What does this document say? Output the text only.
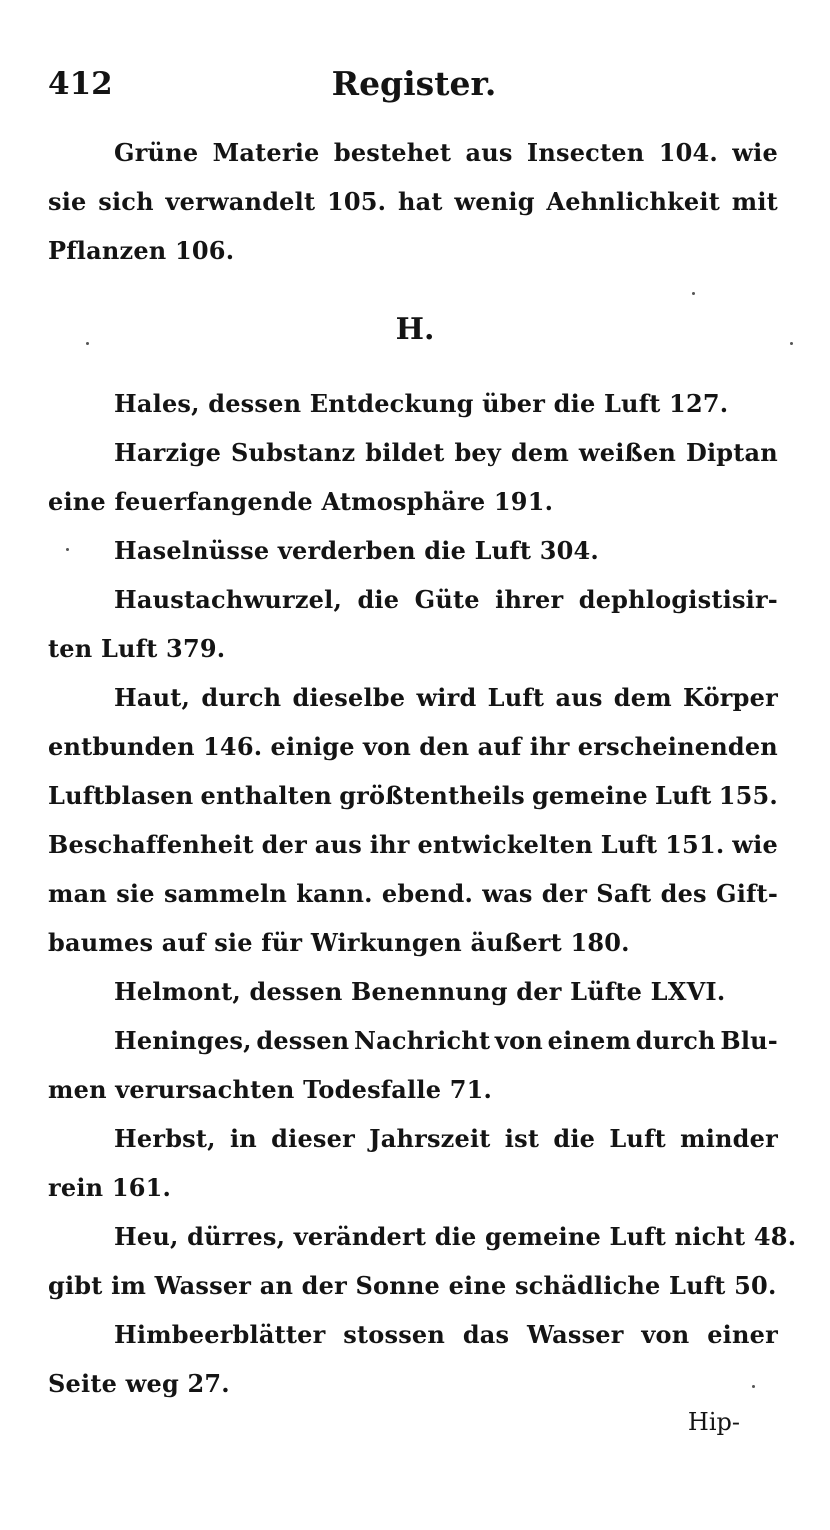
412	Register.
Grüne Materie bestehet aus Insecten 104. wie
sie sich verwandelt 105. hat wenig Aehnlichkeit mit
Pflanzen 106.
H.
Hales, dessen Entdeckung über die Luft 127.
Harzige Substanz bildet bey dem weißen Diptan
eine feuerfangende Atmosphäre 191.
Haselnüsse verderben die Luft 304.
Haustachwurzel, die Güte ihrer dephlogistisir-
ten Luft 379.
Haut, durch dieselbe wird Luft aus dem Körper
entbunden 146. einige von den auf ihr erscheinenden
Luftblasen enthalten größtentheils gemeine Luft 155.
Beschaffenheit der aus ihr entwickelten Luft 151. wie
man sie sammeln kann. ebend. was der Saft des Gift-
baumes auf sie für Wirkungen äußert 180.
Helmont, dessen Benennung der Lüfte LXVI.
Heninges, dessen Nachricht von einem durch Blu-
men verursachten Todesfalle 71.
Herbst, in dieser Jahrszeit ist die Luft minder
rein 161.
Heu, dürres, verändert die gemeine Luft nicht 48.
gibt im Wasser an der Sonne eine schädliche Luft 50.
Himbeerblätter stossen das Wasser von einer
Seite weg 27.
Hip-
